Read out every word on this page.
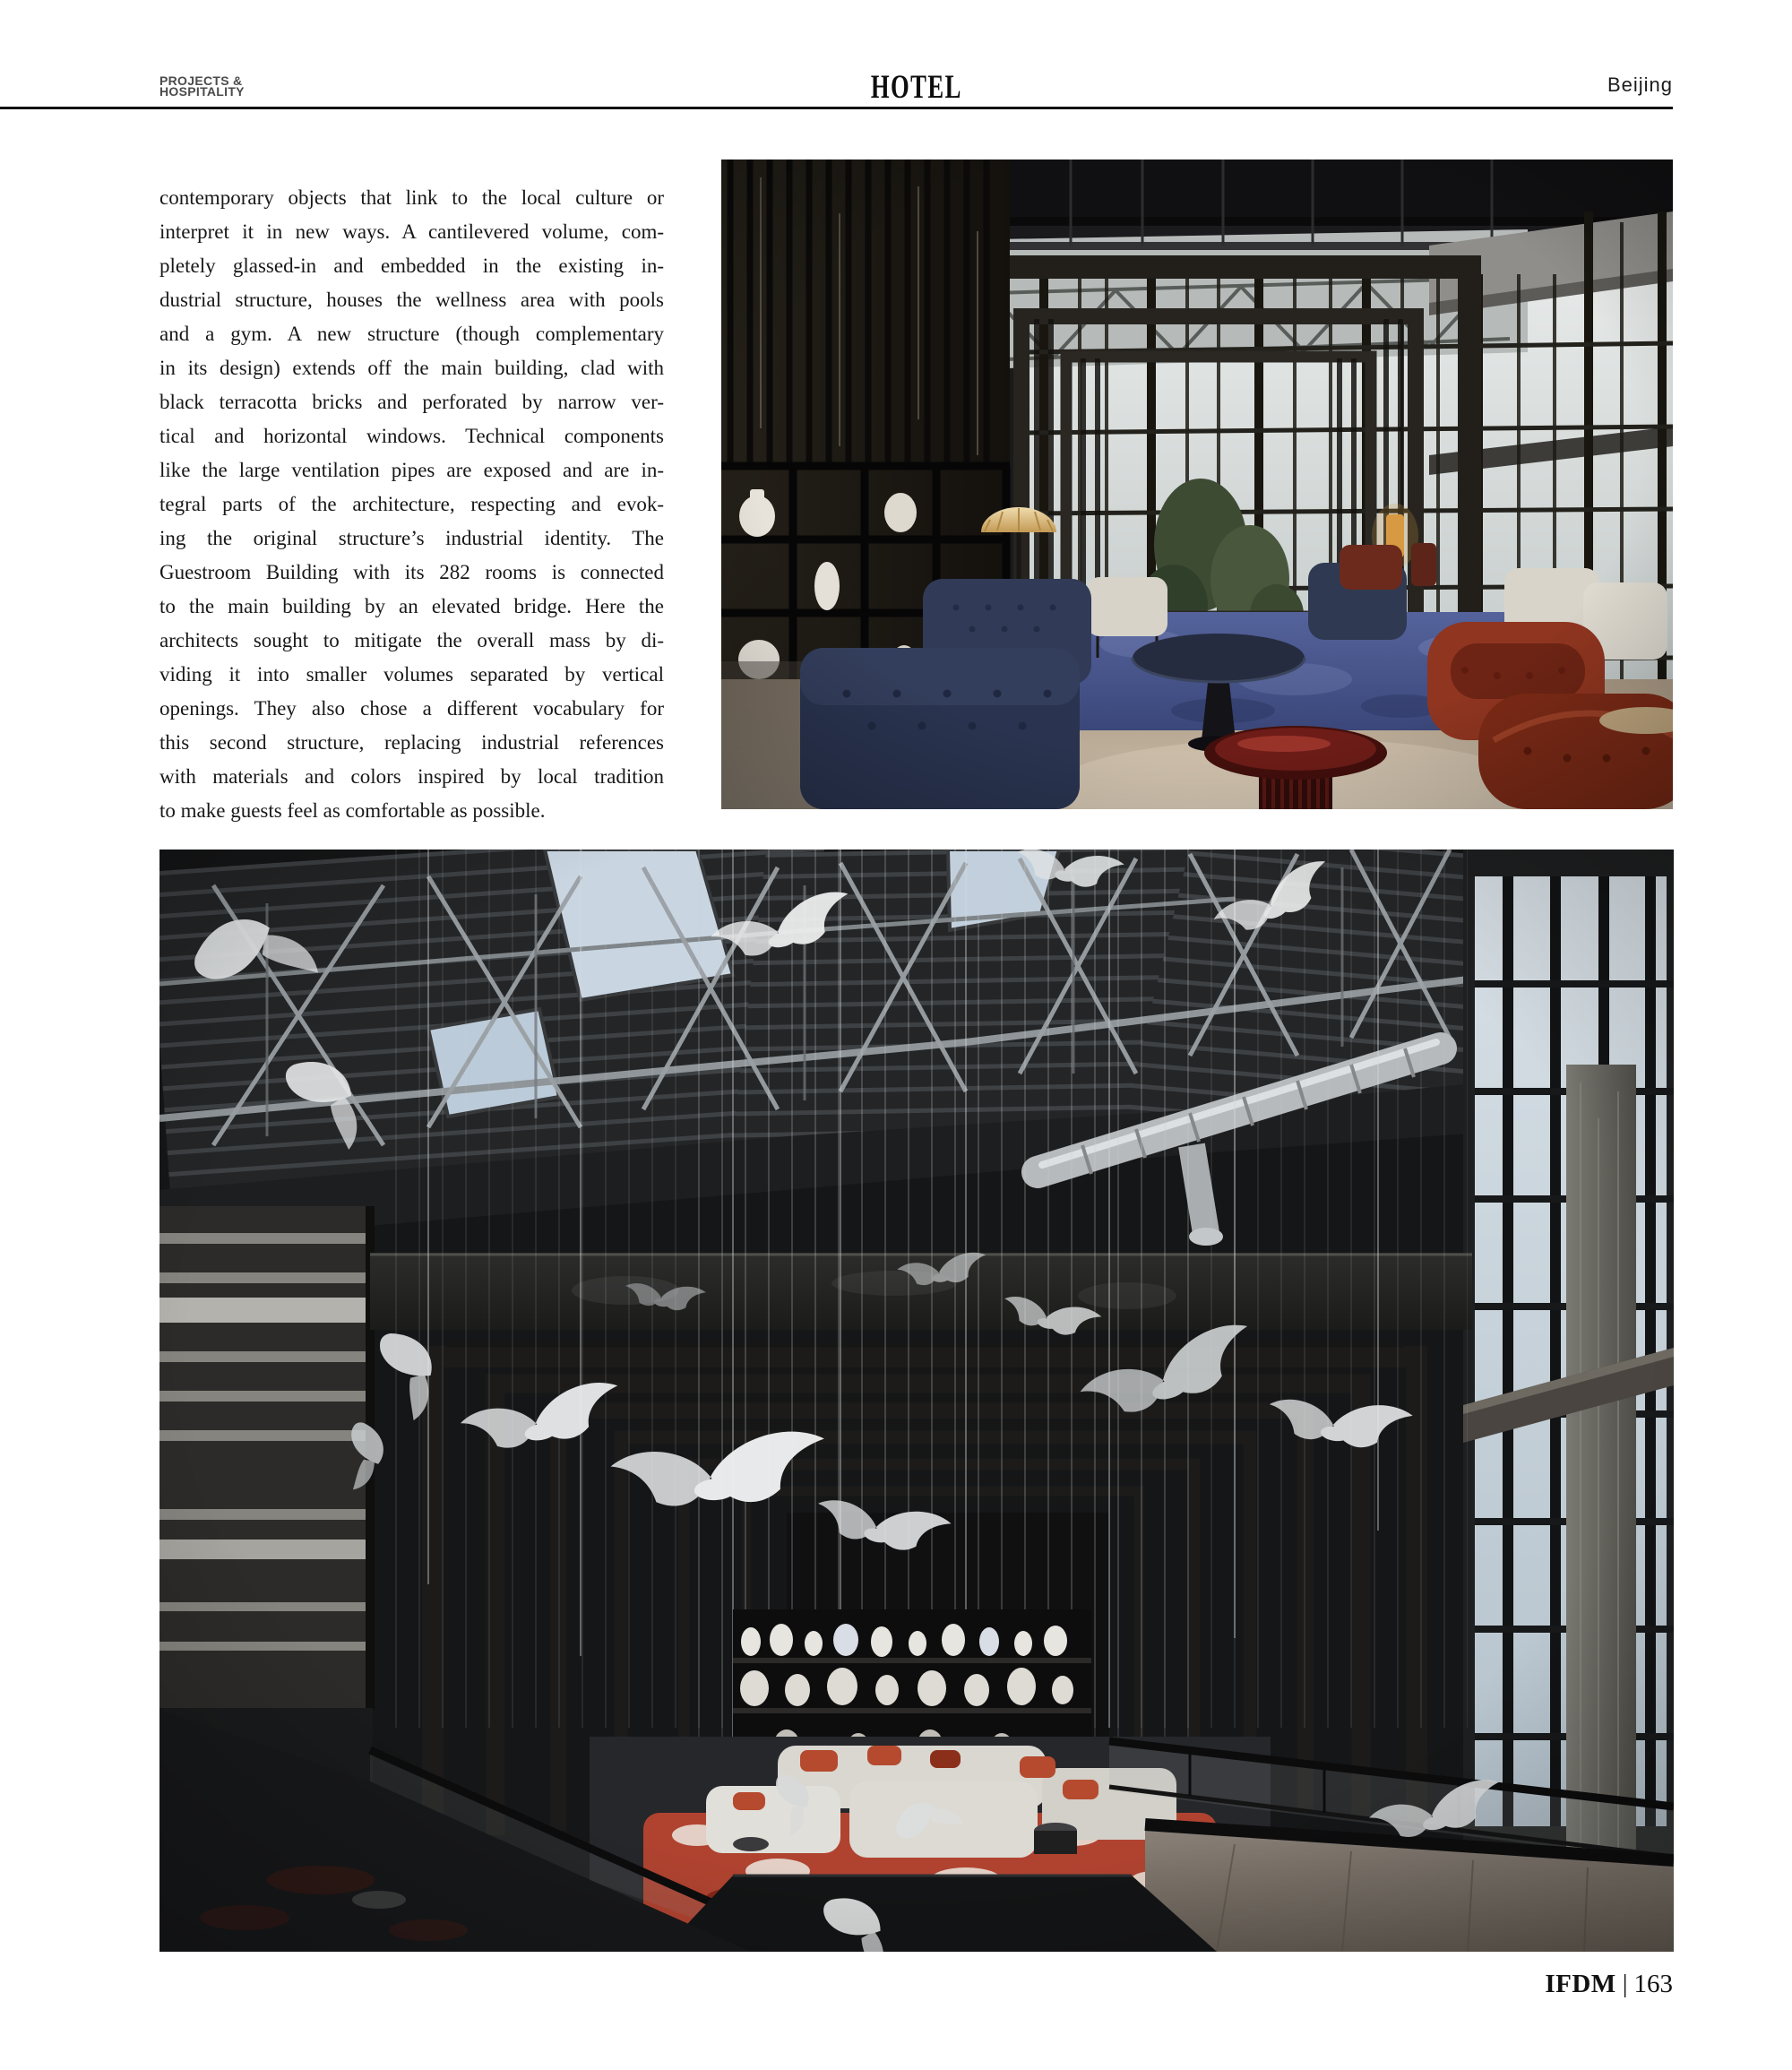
PROJECTS &
HOSPITALITY	HOTEL	Beijing
contemporary objects that link to the local culture or
interpret it in new ways. A cantilevered volume, com-
pletely glassed-in and embedded in the existing in-
dustrial structure, houses the wellness area with pools
and a gym. A new structure (though complementary
in its design) extends off the main building, clad with
black terracotta bricks and perforated by narrow ver-
tical and horizontal windows. Technical components
like the large ventilation pipes are exposed and are in-
tegral parts of the architecture, respecting and evok-
ing the original structure’s industrial identity. The
Guestroom Building with its 282 rooms is connected
to the main building by an elevated bridge. Here the
architects sought to mitigate the overall mass by di-
viding it into smaller volumes separated by vertical
openings. They also chose a different vocabulary for
this second structure, replacing industrial references
with materials and colors inspired by local tradition
to make guests feel as comfortable as possible.
IFDM | 163
